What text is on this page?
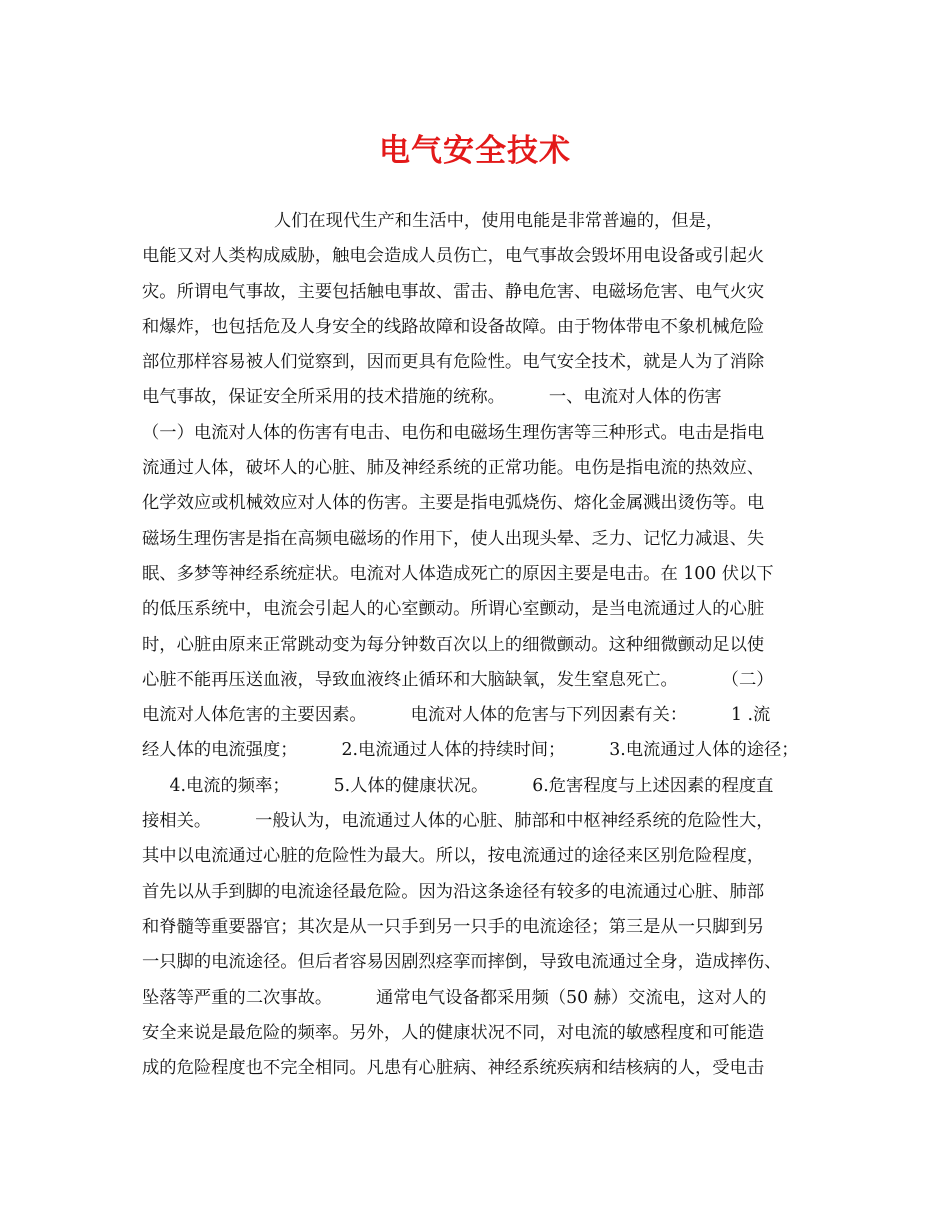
电气安全技术
人们在现代生产和生活中，使用电能是非常普遍的，但是，
电能又对人类构成威胁，触电会造成人员伤亡，电气事故会毁坏用电设备或引起火
灾。所谓电气事故，主要包括触电事故、雷击、静电危害、电磁场危害、电气火灾
和爆炸，也包括危及人身安全的线路故障和设备故障。由于物体带电不象机械危险
部位那样容易被人们觉察到，因而更具有危险性。电气安全技术，就是人为了消除
电气事故，保证安全所采用的技术措施的统称。        一、电流对人体的伤害
（一）电流对人体的伤害有电击、电伤和电磁场生理伤害等三种形式。电击是指电
流通过人体，破坏人的心脏、肺及神经系统的正常功能。电伤是指电流的热效应、
化学效应或机械效应对人体的伤害。主要是指电弧烧伤、熔化金属溅出烫伤等。电
磁场生理伤害是指在高频电磁场的作用下，使人出现头晕、乏力、记忆力减退、失
眠、多梦等神经系统症状。电流对人体造成死亡的原因主要是电击。在 100 伏以下
的低压系统中，电流会引起人的心室颤动。所谓心室颤动，是当电流通过人的心脏
时，心脏由原来正常跳动变为每分钟数百次以上的细微颤动。这种细微颤动足以使
心脏不能再压送血液，导致血液终止循环和大脑缺氧，发生窒息死亡。        （二）
电流对人体危害的主要因素。        电流对人体的危害与下列因素有关：        1 .流
经人体的电流强度；        2.电流通过人体的持续时间；        3.电流通过人体的途径；
4.电流的频率；        5.人体的健康状况。        6.危害程度与上述因素的程度直
接相关。        一般认为，电流通过人体的心脏、肺部和中枢神经系统的危险性大，
其中以电流通过心脏的危险性为最大。所以，按电流通过的途径来区别危险程度，
首先以从手到脚的电流途径最危险。因为沿这条途径有较多的电流通过心脏、肺部
和脊髓等重要器官；其次是从一只手到另一只手的电流途径；第三是从一只脚到另
一只脚的电流途径。但后者容易因剧烈痉挛而摔倒，导致电流通过全身，造成摔伤、
坠落等严重的二次事故。        通常电气设备都采用频（50 赫）交流电，这对人的
安全来说是最危险的频率。另外，人的健康状况不同，对电流的敏感程度和可能造
成的危险程度也不完全相同。凡患有心脏病、神经系统疾病和结核病的人，受电击
